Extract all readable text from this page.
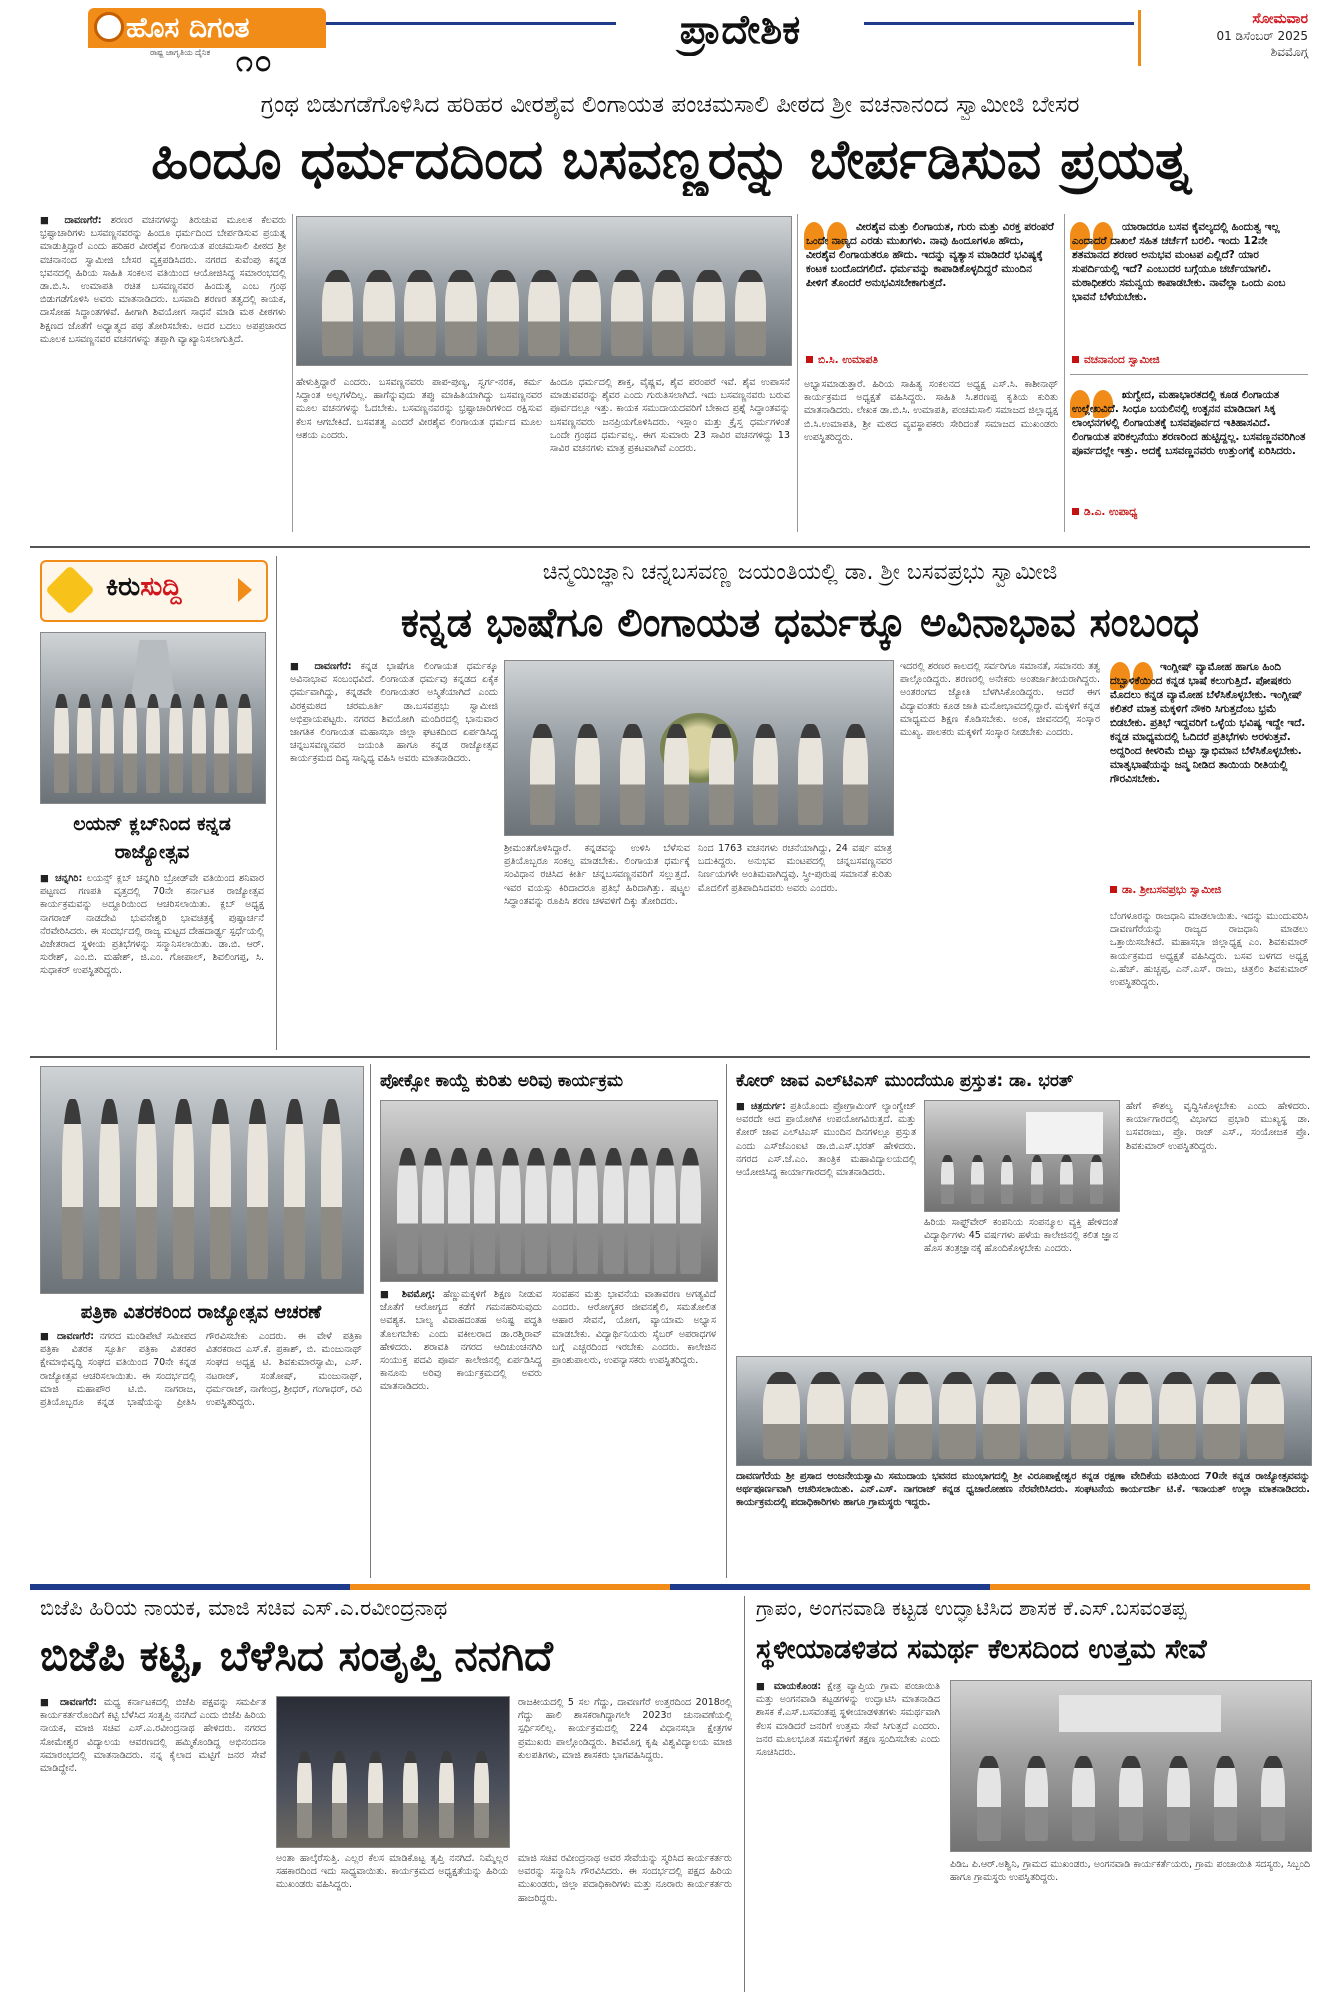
ಹೊಸ ದಿಗಂತ
ರಾಷ್ಟ್ರ ಜಾಗೃತಿಯ ದೈನಿಕ ೧೦
ಪ್ರಾದೇಶಿಕ	ಸೋಮವಾರ
01 ಡಿಸೆಂಬರ್ 2025
ಶಿವಮೊಗ್ಗ
ಗ್ರಂಥ ಬಿಡುಗಡೆಗೊಳಿಸಿದ ಹರಿಹರ ವೀರಶೈವ ಲಿಂಗಾಯತ ಪಂಚಮಸಾಲಿ ಪೀಠದ ಶ್ರೀ ವಚನಾನಂದ ಸ್ವಾಮೀಜಿ ಬೇಸರ
ಹಿಂದೂ ಧರ್ಮದದಿಂದ ಬಸವಣ್ಣರನ್ನು ಬೇರ್ಪಡಿಸುವ ಪ್ರಯತ್ನ
■ ದಾವಣಗೆರೆ: ಶರಣರ ವಚನಗಳನ್ನು ತಿರುಚುವ ಮೂಲಕ ಕೆಲವರು ಭ್ರಷ್ಟಾಚಾರಿಗಳು ಬಸವಣ್ಣನವರನ್ನು ಹಿಂದೂ ಧರ್ಮದಿಂದ ಬೇರ್ಪಡಿಸುವ ಪ್ರಯತ್ನ ಮಾಡುತ್ತಿದ್ದಾರೆ ಎಂದು ಹರಿಹರ ವೀರಶೈವ ಲಿಂಗಾಯತ ಪಂಚಮಸಾಲಿ ಪೀಠದ ಶ್ರೀ ವಚನಾನಂದ ಸ್ವಾಮೀಜಿ ಬೇಸರ ವ್ಯಕ್ತಪಡಿಸಿದರು. ನಗರದ ಕುವೆಂಪು ಕನ್ನಡ ಭವನದಲ್ಲಿ ಹಿರಿಯ ಸಾಹಿತಿ ಸಂಕಲನ ವತಿಯಿಂದ ಆಯೋಜಿಸಿದ್ದ ಸಮಾರಂಭದಲ್ಲಿ ಡಾ.ಬಿ.ಸಿ. ಉಮಾಪತಿ ರಚಿತ ಬಸವಣ್ಣನವರ ಹಿಂದುತ್ವ ಎಂಬ ಗ್ರಂಥ ಬಿಡುಗಡೆಗೊಳಿಸಿ ಅವರು ಮಾತನಾಡಿದರು. ಬಸವಾದಿ ಶರಣರ ತತ್ವದಲ್ಲಿ ಕಾಯಕ, ದಾಸೋಹ ಸಿದ್ಧಾಂತಗಳಿವೆ. ಹೀಗಾಗಿ ಶಿವಯೋಗ ಸಾಧನೆ ಮಾಡಿ ಮಠ ಪೀಠಗಳು ಶಿಕ್ಷಣದ ಜೊತೆಗೆ ಅಧ್ಯಾತ್ಮದ ಪಥ ತೋರಿಸಬೇಕು. ಅದರ ಬದಲು ಅಪಪ್ರಚಾರದ ಮೂಲಕ ಬಸವಣ್ಣನವರ ವಚನಗಳನ್ನು ತಪ್ಪಾಗಿ ವ್ಯಾಖ್ಯಾನಿಸಲಾಗುತ್ತಿದೆ.
ಹೇಳುತ್ತಿದ್ದಾರೆ ಎಂದರು. ಬಸವಣ್ಣನವರು ಪಾಪ-ಪುಣ್ಯ, ಸ್ವರ್ಗ-ನರಕ, ಕರ್ಮ ಸಿದ್ಧಾಂತ ಅಲ್ಲಗಳೆದಿಲ್ಲ. ಹಾಗೆನ್ನುವುದು ತಪ್ಪು ಮಾಹಿತಿಯಾಗಿದ್ದು ಬಸವಣ್ಣನವರ ಮೂಲ ವಚನಗಳನ್ನು ಓದಬೇಕು. ಬಸವಣ್ಣನವರನ್ನು ಭ್ರಷ್ಟಾಚಾರಿಗಳಿಂದ ರಕ್ಷಿಸುವ ಕೆಲಸ ಆಗಬೇಕಿದೆ. ಬಸವತತ್ವ ಎಂದರೆ ವೀರಶೈವ ಲಿಂಗಾಯತ ಧರ್ಮದ ಮೂಲ ಆಶಯ ಎಂದರು.
ಹಿಂದೂ ಧರ್ಮದಲ್ಲಿ ಶಾಕ್ತ, ವೈಷ್ಣವ, ಶೈವ ಪರಂಪರೆ ಇವೆ. ಶೈವ ಉಪಾಸನೆ ಮಾಡುವವರನ್ನು ಶೈವರ ಎಂದು ಗುರುತಿಸಲಾಗಿದೆ. ಇದು ಬಸವಣ್ಣನವರು ಬರುವ ಪೂರ್ವದಲ್ಲೂ ಇತ್ತು. ಕಾಯಕ ಸಮುದಾಯದವರಿಗೆ ಬೇಕಾದ ಪ್ರಶ್ನೆ ಸಿದ್ಧಾಂತವನ್ನು ಬಸವಣ್ಣನವರು ಜನಪ್ರಿಯಗೊಳಿಸಿದರು. ಇಸ್ಲಾಂ ಮತ್ತು ಕ್ರೈಸ್ತ ಧರ್ಮಗಳಂತೆ ಒಂದೇ ಗ್ರಂಥದ ಧರ್ಮವಲ್ಲ. ಈಗ ಸುಮಾರು 23 ಸಾವಿರ ವಚನಗಳಿದ್ದು 13 ಸಾವಿರ ವಚನಗಳು ಮಾತ್ರ ಪ್ರಕಟವಾಗಿವೆ ಎಂದರು.
ವೀರಶೈವ ಮತ್ತು ಲಿಂಗಾಯತ, ಗುರು ಮತ್ತು ವಿರಕ್ತ ಪರಂಪರೆ ಒಂದೇ ನಾಣ್ಯದ ಎರಡು ಮುಖಗಳು. ನಾವು ಹಿಂದೂಗಳೂ ಹೌದು, ವೀರಶೈವ ಲಿಂಗಾಯತರೂ ಹೌದು. ಇದನ್ನು ವ್ಯತ್ಯಾಸ ಮಾಡಿದರೆ ಭವಿಷ್ಯಕ್ಕೆ ಕಂಟಕ ಬಂದೊದಗಲಿದೆ. ಧರ್ಮವನ್ನು ಕಾಪಾಡಿಕೊಳ್ಳದಿದ್ದರೆ ಮುಂದಿನ ಪೀಳಿಗೆ ತೊಂದರೆ ಅನುಭವಿಸಬೇಕಾಗುತ್ತದೆ.
ಬಿ.ಸಿ. ಉಮಾಪತಿ
ಅಭ್ಯಾಸಮಾಡುತ್ತಾರೆ. ಹಿರಿಯ ಸಾಹಿತ್ಯ ಸಂಕಲನದ ಅಧ್ಯಕ್ಷ ಎಸ್.ಸಿ. ಕಾಶೀನಾಥ್ ಕಾರ್ಯಕ್ರಮದ ಅಧ್ಯಕ್ಷತೆ ವಹಿಸಿದ್ದರು. ಸಾಹಿತಿ ಸಿ.ಶರಣಪ್ಪ ಕೃತಿಯ ಕುರಿತು ಮಾತನಾಡಿದರು. ಲೇಖಕ ಡಾ.ಬಿ.ಸಿ. ಉಮಾಪತಿ, ಪಂಚಮಸಾಲಿ ಸಮಾಜದ ಜಿಲ್ಲಾಧ್ಯಕ್ಷ ಬಿ.ಸಿ.ಉಮಾಪತಿ, ಶ್ರೀ ಮಠದ ವ್ಯವಸ್ಥಾಪಕರು ಸೇರಿದಂತೆ ಸಮಾಜದ ಮುಖಂಡರು ಉಪಸ್ಥಿತರಿದ್ದರು.
ಯಾರಾದರೂ ಬಸವ ಕೈವಲ್ಯದಲ್ಲಿ ಹಿಂದುತ್ವ ಇಲ್ಲ ಎಂದಾದರೆ ದಾಖಲೆ ಸಹಿತ ಚರ್ಚೆಗೆ ಬರಲಿ. ಇಂದು 12ನೇ ಶತಮಾನದ ಶರಣರ ಅನುಭವ ಮಂಟಪ ಎಲ್ಲಿದೆ? ಯಾರ ಸುಪರ್ದಿಯಲ್ಲಿ ಇದೆ? ಎಂಬುದರ ಬಗ್ಗೆಯೂ ಚರ್ಚೆಯಾಗಲಿ. ಮಠಾಧೀಶರು ಸಮನ್ವಯ ಕಾಪಾಡಬೇಕು. ನಾವೆಲ್ಲಾ ಒಂದು ಎಂಬ ಭಾವನೆ ಬೆಳೆಯಬೇಕು.
ವಚನಾನಂದ ಸ್ವಾಮೀಜಿ
ಋಗ್ವೇದ, ಮಹಾಭಾರತದಲ್ಲಿ ಕೂಡ ಲಿಂಗಾಯತ ಉಲ್ಲೇಖವಿದೆ. ಸಿಂಧೂ ಬಯಲಿನಲ್ಲಿ ಉತ್ಖನನ ಮಾಡಿದಾಗ ಸಿಕ್ಕ ಲಾಂಛನಗಳಲ್ಲಿ ಲಿಂಗಾಯತಕ್ಕೆ ಬಸವಪೂರ್ವದ ಇತಿಹಾಸವಿದೆ. ಲಿಂಗಾಯತ ಪರಿಕಲ್ಪನೆಯು ಶರಣರಿಂದ ಹುಟ್ಟಿದ್ದಲ್ಲ. ಬಸವಣ್ಣನವರಿಗಿಂತ ಪೂರ್ವದಲ್ಲೇ ಇತ್ತು. ಅದಕ್ಕೆ ಬಸವಣ್ಣನವರು ಉತ್ತುಂಗಕ್ಕೆ ಏರಿಸಿದರು.
ಡಿ.ಎ. ಉಪಾಧ್ಯ
ಕಿರುಸುದ್ದಿ
ಲಯನ್ ಕ್ಲಬ್‌ನಿಂದ ಕನ್ನಡ ರಾಜ್ಯೋತ್ಸವ
■ ಚನ್ನಗಿರಿ: ಲಯನ್ಸ್ ಕ್ಲಬ್ ಚನ್ನಗಿರಿ ಬ್ರೋಡ್‌ವೇ ವತಿಯಿಂದ ಶನಿವಾರ ಪಟ್ಟಣದ ಗಣಪತಿ ವೃತ್ತದಲ್ಲಿ 70ನೇ ಕರ್ನಾಟಕ ರಾಜ್ಯೋತ್ಸವ ಕಾರ್ಯಕ್ರಮವನ್ನು ಅದ್ದೂರಿಯಿಂದ ಆಚರಿಸಲಾಯಿತು. ಕ್ಲಬ್ ಅಧ್ಯಕ್ಷ ನಾಗರಾಜ್ ನಾಡದೇವಿ ಭುವನೇಶ್ವರಿ ಭಾವಚಿತ್ರಕ್ಕೆ ಪುಷ್ಪಾರ್ಚನೆ ನೆರವೇರಿಸಿದರು. ಈ ಸಂದರ್ಭದಲ್ಲಿ ರಾಜ್ಯ ಮಟ್ಟದ ದೇಹದಾರ್ಢ್ಯ ಸ್ಪರ್ಧೆಯಲ್ಲಿ ವಿಜೇತರಾದ ಸ್ಥಳೀಯ ಪ್ರತಿಭೆಗಳನ್ನು ಸನ್ಮಾನಿಸಲಾಯಿತು. ಡಾ.ಬಿ. ಆರ್. ಸುರೇಶ್, ಎಂ.ಬಿ. ಮಹೇಶ್, ಜಿ.ಎಂ. ಗೋಪಾಲ್, ಶಿವಲಿಂಗಪ್ಪ, ಸಿ. ಸುಧಾಕರ್ ಉಪಸ್ಥಿತರಿದ್ದರು.
ಚಿನ್ಮಯಿಜ್ಞಾನಿ ಚನ್ನಬಸವಣ್ಣ ಜಯಂತಿಯಲ್ಲಿ ಡಾ. ಶ್ರೀ ಬಸವಪ್ರಭು ಸ್ವಾಮೀಜಿ
ಕನ್ನಡ ಭಾಷೆಗೂ ಲಿಂಗಾಯತ ಧರ್ಮಕ್ಕೂ ಅವಿನಾಭಾವ ಸಂಬಂಧ
■ ದಾವಣಗೆರೆ: ಕನ್ನಡ ಭಾಷೆಗೂ ಲಿಂಗಾಯತ ಧರ್ಮಕ್ಕೂ ಅವಿನಾಭಾವ ಸಂಬಂಧವಿದೆ. ಲಿಂಗಾಯತ ಧರ್ಮವು ಕನ್ನಡದ ಏಕೈಕ ಧರ್ಮವಾಗಿದ್ದು, ಕನ್ನಡವೇ ಲಿಂಗಾಯತರ ಅಸ್ಮಿತೆಯಾಗಿದೆ ಎಂದು ವಿರಕ್ತಮಠದ ಚರಮೂರ್ತಿ ಡಾ.ಬಸವಪ್ರಭು ಸ್ವಾಮೀಜಿ ಅಭಿಪ್ರಾಯಪಟ್ಟರು. ನಗರದ ಶಿವಯೋಗಿ ಮಂದಿರದಲ್ಲಿ ಭಾನುವಾರ ಜಾಗತಿಕ ಲಿಂಗಾಯತ ಮಹಾಸಭಾ ಜಿಲ್ಲಾ ಘಟಕದಿಂದ ಏರ್ಪಡಿಸಿದ್ದ ಚನ್ನಬಸವಣ್ಣನವರ ಜಯಂತಿ ಹಾಗೂ ಕನ್ನಡ ರಾಜ್ಯೋತ್ಸವ ಕಾರ್ಯಕ್ರಮದ ದಿವ್ಯ ಸಾನ್ನಿಧ್ಯ ವಹಿಸಿ ಅವರು ಮಾತನಾಡಿದರು.
ಶ್ರೀಮಂತಗೊಳಿಸಿದ್ದಾರೆ. ಕನ್ನಡವನ್ನು ಉಳಿಸಿ ಬೆಳೆಸುವ ಪ್ರತಿಯೊಬ್ಬರೂ ಸಂಕಲ್ಪ ಮಾಡಬೇಕು. ಲಿಂಗಾಯತ ಧರ್ಮಕ್ಕೆ ಸಂವಿಧಾನ ರಚಿಸಿದ ಕೀರ್ತಿ ಚನ್ನಬಸವಣ್ಣನವರಿಗೆ ಸಲ್ಲುತ್ತದೆ. ಇವರ ವಯಸ್ಸು ಕಿರಿದಾದರೂ ಪ್ರತಿಭೆ ಹಿರಿದಾಗಿತ್ತು. ಷಟ್ಸ್ಥಲ ಸಿದ್ಧಾಂತವನ್ನು ರೂಪಿಸಿ ಶರಣ ಚಳವಳಿಗೆ ದಿಕ್ಕು ತೋರಿದರು.
ನಿಂದ 1763 ವಚನಗಳು ರಚನೆಯಾಗಿದ್ದು, 24 ವರ್ಷ ಮಾತ್ರ ಬದುಕಿದ್ದರು. ಅನುಭವ ಮಂಟಪದಲ್ಲಿ ಚನ್ನಬಸವಣ್ಣನವರ ನಿರ್ಣಯಗಳೇ ಅಂತಿಮವಾಗಿದ್ದವು. ಸ್ತ್ರೀ-ಪುರುಷ ಸಮಾನತೆ ಕುರಿತು ಮೊದಲಿಗೆ ಪ್ರತಿಪಾದಿಸಿದವರು ಅವರು ಎಂದರು.
ಇದರಲ್ಲಿ ಶರಣರ ಕಾಲದಲ್ಲಿ ಸರ್ವರಿಗೂ ಸಮಾನತೆ, ಸಮಾನರು ತತ್ವ ಪಾಲ್ಗೊಂಡಿದ್ದರು. ಶರಣರಲ್ಲಿ ಅನೇಕರು ಅಂತರ್ಜಾತೀಯರಾಗಿದ್ದರು. ಅಂತರಂಗದ ಜ್ಯೋತಿ ಬೆಳಗಿಸಿಕೊಂಡಿದ್ದರು. ಆದರೆ ಈಗ ವಿದ್ಯಾವಂತರು ಕೂಡ ಜಾತಿ ಮನೋಭಾವದಲ್ಲಿದ್ದಾರೆ. ಮಕ್ಕಳಿಗೆ ಕನ್ನಡ ಮಾಧ್ಯಮದ ಶಿಕ್ಷಣ ಕೊಡಿಸಬೇಕು. ಅಂಕ, ಜೀವನದಲ್ಲಿ ಸಂಸ್ಕಾರ ಮುಖ್ಯ. ಪಾಲಕರು ಮಕ್ಕಳಿಗೆ ಸಂಸ್ಕಾರ ನೀಡಬೇಕು ಎಂದರು.
ಇಂಗ್ಲೀಷ್ ವ್ಯಾಮೋಹ ಹಾಗೂ ಹಿಂದಿ ದಬ್ಬಾಳಿಕೆಯಿಂದ ಕನ್ನಡ ಭಾಷೆ ಕಲುಗುತ್ತಿದೆ. ಪೋಷಕರು ಮೊದಲು ಕನ್ನಡ ವ್ಯಾಮೋಹ ಬೆಳೆಸಿಕೊಳ್ಳಬೇಕು. ಇಂಗ್ಲೀಷ್ ಕಲಿತರೆ ಮಾತ್ರ ಮಕ್ಕಳಿಗೆ ನೌಕರಿ ಸಿಗುತ್ತದೆಂಬ ಭ್ರಮೆ ಬಿಡಬೇಕು. ಪ್ರತಿಭೆ ಇದ್ದವರಿಗೆ ಒಳ್ಳೆಯ ಭವಿಷ್ಯ ಇದ್ದೇ ಇದೆ. ಕನ್ನಡ ಮಾಧ್ಯಮದಲ್ಲಿ ಓದಿದರೆ ಪ್ರತಿಭೆಗಳು ಅರಳುತ್ತವೆ. ಅದ್ದರಿಂದ ಕೀಳರಿಮೆ ಬಿಟ್ಟು ಸ್ವಾಭಿಮಾನ ಬೆಳೆಸಿಕೊಳ್ಳಬೇಕು. ಮಾತೃಭಾಷೆಯನ್ನು ಜನ್ಮ ನೀಡಿದ ತಾಯಿಯ ರೀತಿಯಲ್ಲಿ ಗೌರವಿಸಬೇಕು.
ಡಾ. ಶ್ರೀಬಸವಪ್ರಭು ಸ್ವಾಮೀಜಿ
ಬೆಂಗಳೂರನ್ನು ರಾಜಧಾನಿ ಮಾಡಲಾಯಿತು. ಇದನ್ನು ಮುಂದುವರಿಸಿ ದಾವಣಗೆರೆಯನ್ನು ರಾಜ್ಯದ ರಾಜಧಾನಿ ಮಾಡಲು ಒತ್ತಾಯಿಸಬೇಕಿದೆ. ಮಹಾಸಭಾ ಜಿಲ್ಲಾಧ್ಯಕ್ಷ ಎಂ. ಶಿವಕುಮಾರ್ ಕಾರ್ಯಕ್ರಮದ ಅಧ್ಯಕ್ಷತೆ ವಹಿಸಿದ್ದರು. ಬಸವ ಬಳಗದ ಅಧ್ಯಕ್ಷ ಎ.ಹೆಚ್. ಹುಚ್ಚಪ್ಪ, ಎನ್.ಎಸ್. ರಾಜು, ಚಿತ್ರಲಿಂ ಶಿವಕುಮಾರ್ ಉಪಸ್ಥಿತರಿದ್ದರು.
ಪತ್ರಿಕಾ ವಿತರಕರಿಂದ ರಾಜ್ಯೋತ್ಸವ ಆಚರಣೆ
■ ದಾವಣಗೆರೆ: ನಗರದ ಮಂಡಿಪೇಟೆ ಸಮೀಪದ ಪತ್ರಿಕಾ ವಿತರಕ ಸ್ಪೂರ್ತಿ ಪತ್ರಿಕಾ ವಿತರಕರ ಕ್ಷೇಮಾಭಿವೃದ್ಧಿ ಸಂಘದ ವತಿಯಿಂದ 70ನೇ ಕನ್ನಡ ರಾಜ್ಯೋತ್ಸವ ಆಚರಿಸಲಾಯಿತು. ಈ ಸಂದರ್ಭದಲ್ಲಿ ಮಾಜಿ ಮಹಾಪೌರ ಟಿ.ಬಿ. ನಾಗರಾಜ, ಪ್ರತಿಯೊಬ್ಬರೂ ಕನ್ನಡ ಭಾಷೆಯನ್ನು ಪ್ರೀತಿಸಿ ಗೌರವಿಸಬೇಕು ಎಂದರು. ಈ ವೇಳೆ ಪತ್ರಿಕಾ ವಿತರಕರಾದ ಎಸ್.ಕೆ. ಪ್ರಕಾಶ್, ಬಿ. ಮಂಜುನಾಥ್ ಸಂಘದ ಅಧ್ಯಕ್ಷ ಟಿ. ಶಿವಕುಮಾರಸ್ವಾಮಿ, ಎಸ್. ನಟರಾಜ್, ಸಂತೋಷ್, ಮಂಜುನಾಥ್, ಧರ್ಮರಾಜ್, ನಾಗೇಂದ್ರ, ಶ್ರೀಧರ್, ಗಂಗಾಧರ್, ರವಿ ಉಪಸ್ಥಿತರಿದ್ದರು.
ಪೋಕ್ಸೋ ಕಾಯ್ದೆ ಕುರಿತು ಅರಿವು ಕಾರ್ಯಕ್ರಮ
■ ಶಿವಮೊಗ್ಗ: ಹೆಣ್ಣುಮಕ್ಕಳಿಗೆ ಶಿಕ್ಷಣ ನೀಡುವ ಜೊತೆಗೆ ಆರೋಗ್ಯದ ಕಡೆಗೆ ಗಮನಹರಿಸುವುದು ಅವಶ್ಯಕ. ಬಾಲ್ಯ ವಿವಾಹದಂತಹ ಅನಿಷ್ಟ ಪದ್ಧತಿ ತೊಲಗಬೇಕು ಎಂದು ವಕೀಲರಾದ ಡಾ.ರಶ್ಮಿರಾವ್ ಹೇಳಿದರು. ಶರಾವತಿ ನಗರದ ಆದಿಚುಂಚನಗಿರಿ ಸಂಯುಕ್ತ ಪದವಿ ಪೂರ್ವ ಕಾಲೇಜಿನಲ್ಲಿ ಏರ್ಪಡಿಸಿದ್ದ ಕಾನೂನು ಅರಿವು ಕಾರ್ಯಕ್ರಮದಲ್ಲಿ ಅವರು ಮಾತನಾಡಿದರು.
ಸಂವಹನ ಮತ್ತು ಭಾವನೆಯ ವಾತಾವರಣ ಅಗತ್ಯವಿದೆ ಎಂದರು. ಆರೋಗ್ಯಕರ ಜೀವನಶೈಲಿ, ಸಮತೋಲಿತ ಆಹಾರ ಸೇವನೆ, ಯೋಗ, ವ್ಯಾಯಾಮ ಅಭ್ಯಾಸ ಮಾಡಬೇಕು. ವಿದ್ಯಾರ್ಥಿನಿಯರು ಸೈಬರ್ ಅಪರಾಧಗಳ ಬಗ್ಗೆ ಎಚ್ಚರದಿಂದ ಇರಬೇಕು ಎಂದರು. ಕಾಲೇಜಿನ ಪ್ರಾಂಶುಪಾಲರು, ಉಪನ್ಯಾಸಕರು ಉಪಸ್ಥಿತರಿದ್ದರು.
ಕೋರ್ ಜಾವ ಎಲ್‌ಟಿಎಸ್ ಮುಂದೆಯೂ ಪ್ರಸ್ತುತ: ಡಾ. ಭರತ್
■ ಚಿತ್ರದುರ್ಗ: ಪ್ರತಿಯೊಂದು ಪ್ರೋಗ್ರಾಮಿಂಗ್ ಲ್ಯಾಂಗ್ವೇಜ್ ಅವರದೇ ಆದ ಪ್ರಾಯೋಗಿಕ ಉಪಯೋಗವಿರುತ್ತದೆ. ಮತ್ತು ಕೋರ್ ಜಾವ ಎಲ್‌ಟಿಎಸ್ ಮುಂದಿನ ದಿನಗಳಲ್ಲೂ ಪ್ರಸ್ತುತ ಎಂದು ಎಸ್‌ಜೆಎಂಐಟಿ ಡಾ.ಬಿ.ಎಸ್.ಭರತ್ ಹೇಳಿದರು. ನಗರದ ಎಸ್.ಜೆ.ಎಂ. ತಾಂತ್ರಿಕ ಮಹಾವಿದ್ಯಾಲಯದಲ್ಲಿ ಆಯೋಜಿಸಿದ್ದ ಕಾರ್ಯಾಗಾರದಲ್ಲಿ ಮಾತನಾಡಿದರು.
ಹಿರಿಯ ಸಾಫ್ಟ್‌ವೇರ್ ಕಂಪನಿಯ ಸಂಪನ್ಮೂಲ ವ್ಯಕ್ತಿ ಹೇಳಿದಂತೆ ವಿದ್ಯಾರ್ಥಿಗಳು 45 ವರ್ಷಗಳು ಹಳೆಯ ಕಾಲೇಜಿನಲ್ಲಿ ಕಲಿತ ಜ್ಞಾನ ಹೊಸ ತಂತ್ರಜ್ಞಾನಕ್ಕೆ ಹೊಂದಿಕೊಳ್ಳಬೇಕು ಎಂದರು.
ಹೇಗೆ ಕೌಶಲ್ಯ ವೃದ್ಧಿಸಿಕೊಳ್ಳಬೇಕು ಎಂದು ಹೇಳಿದರು. ಕಾರ್ಯಾಗಾರದಲ್ಲಿ ವಿಭಾಗದ ಪ್ರಭಾರಿ ಮುಖ್ಯಸ್ಥ ಡಾ. ಬಸವರಾಜು, ಪ್ರೊ. ರಾಜ್ ಎಸ್., ಸಂಯೋಜಕ ಪ್ರೊ. ಶಿವಕುಮಾರ್ ಉಪಸ್ಥಿತರಿದ್ದರು.
ದಾವಣಗೆರೆಯ ಶ್ರೀ ಪ್ರಸಾದ ಆಂಜನೇಯಸ್ವಾಮಿ ಸಮುದಾಯ ಭವನದ ಮುಂಭಾಗದಲ್ಲಿ ಶ್ರೀ ವಿರೂಪಾಕ್ಷೇಶ್ವರ ಕನ್ನಡ ರಕ್ಷಣಾ ವೇದಿಕೆಯ ವತಿಯಿಂದ 70ನೇ ಕನ್ನಡ ರಾಜ್ಯೋತ್ಸವವನ್ನು ಅರ್ಥಪೂರ್ಣವಾಗಿ ಆಚರಿಸಲಾಯಿತು. ಎನ್.ಎಸ್. ನಾಗರಾಜ್ ಕನ್ನಡ ಧ್ವಜಾರೋಹಣ ನೆರವೇರಿಸಿದರು. ಸಂಘಟನೆಯ ಕಾರ್ಯದರ್ಶಿ ಟಿ.ಕೆ. ಇನಾಯತ್ ಉಲ್ಲಾ ಮಾತನಾಡಿದರು. ಕಾರ್ಯಕ್ರಮದಲ್ಲಿ ಪದಾಧಿಕಾರಿಗಳು ಹಾಗೂ ಗ್ರಾಮಸ್ಥರು ಇದ್ದರು.
ಬಿಜೆಪಿ ಹಿರಿಯ ನಾಯಕ, ಮಾಜಿ ಸಚಿವ ಎಸ್.ಎ.ರವೀಂದ್ರನಾಥ
ಬಿಜೆಪಿ ಕಟ್ಟಿ, ಬೆಳೆಸಿದ ಸಂತೃಪ್ತಿ ನನಗಿದೆ
■ ದಾವಣಗೆರೆ: ಮಧ್ಯ ಕರ್ನಾಟಕದಲ್ಲಿ ಬಿಜೆಪಿ ಪಕ್ಷವನ್ನು ಸಮರ್ಪಿತ ಕಾರ್ಯಕರ್ತರೊಂದಿಗೆ ಕಟ್ಟಿ ಬೆಳೆಸಿದ ಸಂತೃಪ್ತಿ ನನಗಿದೆ ಎಂದು ಬಿಜೆಪಿ ಹಿರಿಯ ನಾಯಕ, ಮಾಜಿ ಸಚಿವ ಎಸ್.ಎ.ರವೀಂದ್ರನಾಥ ಹೇಳಿದರು. ನಗರದ ಸೋಮೇಶ್ವರ ವಿದ್ಯಾಲಯ ಆವರಣದಲ್ಲಿ ಹಮ್ಮಿಕೊಂಡಿದ್ದ ಅಭಿನಂದನಾ ಸಮಾರಂಭದಲ್ಲಿ ಮಾತನಾಡಿದರು. ನನ್ನ ಕೈಲಾದ ಮಟ್ಟಿಗೆ ಜನರ ಸೇವೆ ಮಾಡಿದ್ದೇನೆ.
ಅಂತಾ ಹಾಲ್ಕೆರೆಸುತ್ತಿ. ಎಲ್ಲರ ಕೆಲಸ ಮಾಡಿಕೊಟ್ಟ ತೃಪ್ತಿ ನನಗಿದೆ. ನಿಮ್ಮೆಲ್ಲರ ಸಹಕಾರದಿಂದ ಇದು ಸಾಧ್ಯವಾಯಿತು. ಕಾರ್ಯಕ್ರಮದ ಅಧ್ಯಕ್ಷತೆಯನ್ನು ಹಿರಿಯ ಮುಖಂಡರು ವಹಿಸಿದ್ದರು.
ರಾಜಕೀಯದಲ್ಲಿ 5 ಸಲ ಗೆದ್ದು, ದಾವಣಗೆರೆ ಉತ್ತರದಿಂದ 2018ರಲ್ಲಿ ಗೆದ್ದು ಹಾಲಿ ಶಾಸಕರಾಗಿದ್ದಾಗಲೇ 2023ರ ಚುನಾವಣೆಯಲ್ಲಿ ಸ್ಪರ್ಧಿಸಲಿಲ್ಲ. ಕಾರ್ಯಕ್ರಮದಲ್ಲಿ 224 ವಿಧಾನಸಭಾ ಕ್ಷೇತ್ರಗಳ ಪ್ರಮುಖರು ಪಾಲ್ಗೊಂಡಿದ್ದರು. ಶಿವಮೊಗ್ಗ ಕೃಷಿ ವಿಶ್ವವಿದ್ಯಾಲಯ ಮಾಜಿ ಕುಲಪತಿಗಳು, ಮಾಜಿ ಶಾಸಕರು ಭಾಗವಹಿಸಿದ್ದರು.
ಮಾಜಿ ಸಚಿವ ರವೀಂದ್ರನಾಥ ಅವರ ಸೇವೆಯನ್ನು ಸ್ಮರಿಸಿದ ಕಾರ್ಯಕರ್ತರು ಅವರನ್ನು ಸನ್ಮಾನಿಸಿ ಗೌರವಿಸಿದರು. ಈ ಸಂದರ್ಭದಲ್ಲಿ ಪಕ್ಷದ ಹಿರಿಯ ಮುಖಂಡರು, ಜಿಲ್ಲಾ ಪದಾಧಿಕಾರಿಗಳು ಮತ್ತು ನೂರಾರು ಕಾರ್ಯಕರ್ತರು ಹಾಜರಿದ್ದರು.
ಗ್ರಾಪಂ, ಅಂಗನವಾಡಿ ಕಟ್ಟಡ ಉದ್ಘಾಟಿಸಿದ ಶಾಸಕ ಕೆ.ಎಸ್.ಬಸವಂತಪ್ಪ
ಸ್ಥಳೀಯಾಡಳಿತದ ಸಮರ್ಥ ಕೆಲಸದಿಂದ ಉತ್ತಮ ಸೇವೆ
■ ಮಾಯಕೊಂಡ: ಕ್ಷೇತ್ರ ವ್ಯಾಪ್ತಿಯ ಗ್ರಾಮ ಪಂಚಾಯಿತಿ ಮತ್ತು ಅಂಗನವಾಡಿ ಕಟ್ಟಡಗಳನ್ನು ಉದ್ಘಾಟಿಸಿ ಮಾತನಾಡಿದ ಶಾಸಕ ಕೆ.ಎಸ್.ಬಸವಂತಪ್ಪ ಸ್ಥಳೀಯಾಡಳಿತಗಳು ಸಮರ್ಥವಾಗಿ ಕೆಲಸ ಮಾಡಿದರೆ ಜನರಿಗೆ ಉತ್ತಮ ಸೇವೆ ಸಿಗುತ್ತದೆ ಎಂದರು. ಜನರ ಮೂಲಭೂತ ಸಮಸ್ಯೆಗಳಿಗೆ ತಕ್ಷಣ ಸ್ಪಂದಿಸಬೇಕು ಎಂದು ಸೂಚಿಸಿದರು.
ಪಿಡಿಒ ಪಿ.ಆರ್.ಅಶ್ವಿನಿ, ಗ್ರಾಮದ ಮುಖಂಡರು, ಅಂಗನವಾಡಿ ಕಾರ್ಯಕರ್ತೆಯರು, ಗ್ರಾಮ ಪಂಚಾಯಿತಿ ಸದಸ್ಯರು, ಸಿಬ್ಬಂದಿ ಹಾಗೂ ಗ್ರಾಮಸ್ಥರು ಉಪಸ್ಥಿತರಿದ್ದರು.
